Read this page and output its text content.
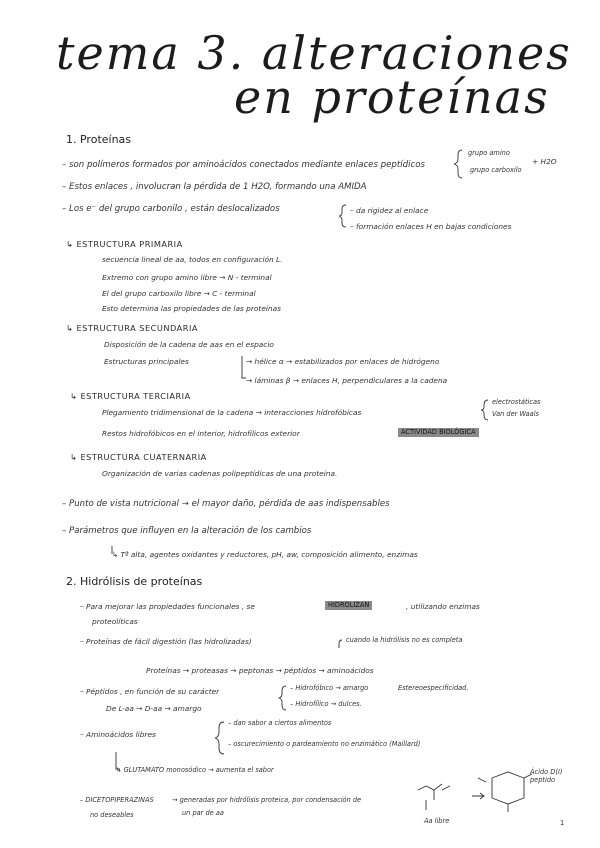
tema 3. alteraciones
en proteínas
1. Proteínas
– son polímeros formados por aminoácidos conectados mediante enlaces peptídicos
grupo amino
grupo carboxilo
+ H2O
– Estos enlaces , involucran la pérdida de 1 H2O, formando una AMIDA
– Los e⁻ del grupo carbonilo , están deslocalizados	– da rigidez al enlace
– formación enlaces H en bajas condiciones
↳ ESTRUCTURA PRIMARIA
secuencia lineal de aa, todos en configuración L.
Extremo con grupo amino libre → N - terminal
El del grupo carboxilo libre → C - terminal
Esto determina las propiedades de las proteínas
↳ ESTRUCTURA SECUNDARIA
Disposición de la cadena de aas en el espacio
Estructuras principales	→ hélice α → estabilizados por enlaces de hidrógeno
→ láminas β → enlaces H, perpendiculares a la cadena
↳ ESTRUCTURA TERCIARIA
Plegamiento tridimensional de la cadena → interacciones hidrofóbicas
electrostáticas
Van der Waals
Restos hidrofóbicos en el interior, hidrofílicos exterior	ACTIVIDAD BIOLÓGICA
↳ ESTRUCTURA CUATERNARIA
Organización de varias cadenas polipeptídicas de una proteína.
– Punto de vista nutricional → el mayor daño, pérdida de aas indispensables
– Parámetros que influyen en la alteración de los cambios
↳ Tª alta, agentes oxidantes y reductores, pH, aw, composición alimento, enzimas
2. Hidrólisis de proteínas
– Para mejorar las propiedades funcionales , se	HIDROLIZAN	, utilizando enzimas
proteolíticas
– Proteínas de fácil digestión (las hidrolizadas)	cuando la hidrólisis no es completa
Proteínas → proteasas → peptonas → péptidos → aminoácidos
– Péptidos , en función de su carácter	– Hidrofóbico → amargo	Estereoespecificidad.
– Hidrofílico → dulces.
De L-aa → D-aa → amargo
– Aminoácidos libres
– dan sabor a ciertos alimentos
– oscurecimiento o pardeamiento no enzimático (Maillard)
↳ GLUTAMATO monosódico → aumenta el sabor
– DICETOPIPERAZINAS
no deseables
→ generadas por hidrólisis proteica, por condensación de
un par de aa
Aa libre
Ácido D(I) peptido
1
